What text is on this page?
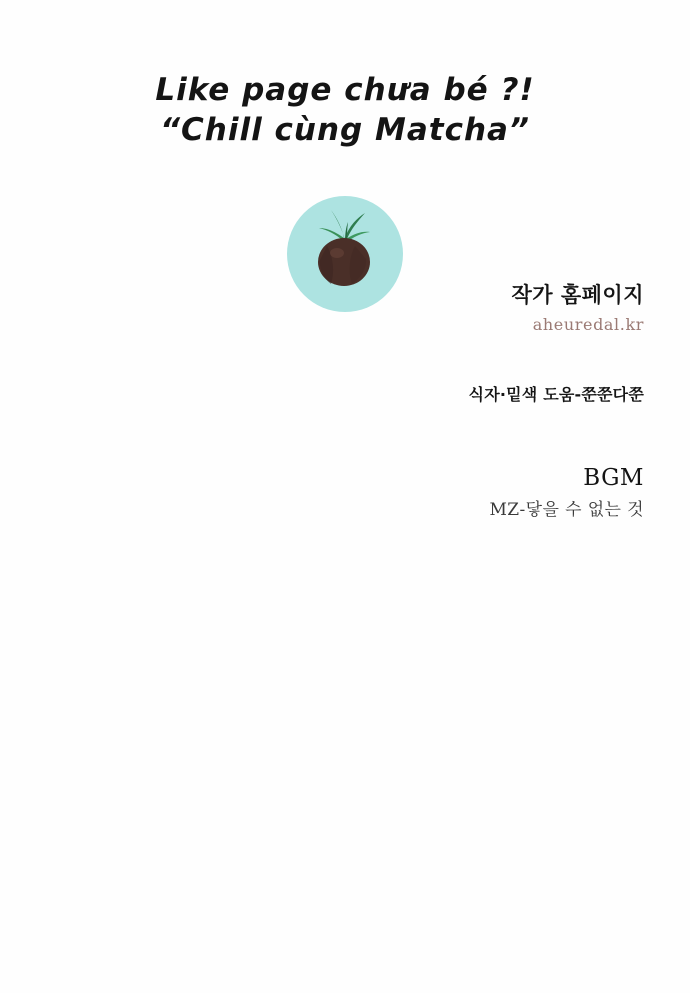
Like page chưa bé ?!
“Chill cùng Matcha”
작가 홈페이지
aheuredal.kr
식자·밑색 도움-쭌쭌다쭌
BGM
MZ-닿을 수 없는 것
